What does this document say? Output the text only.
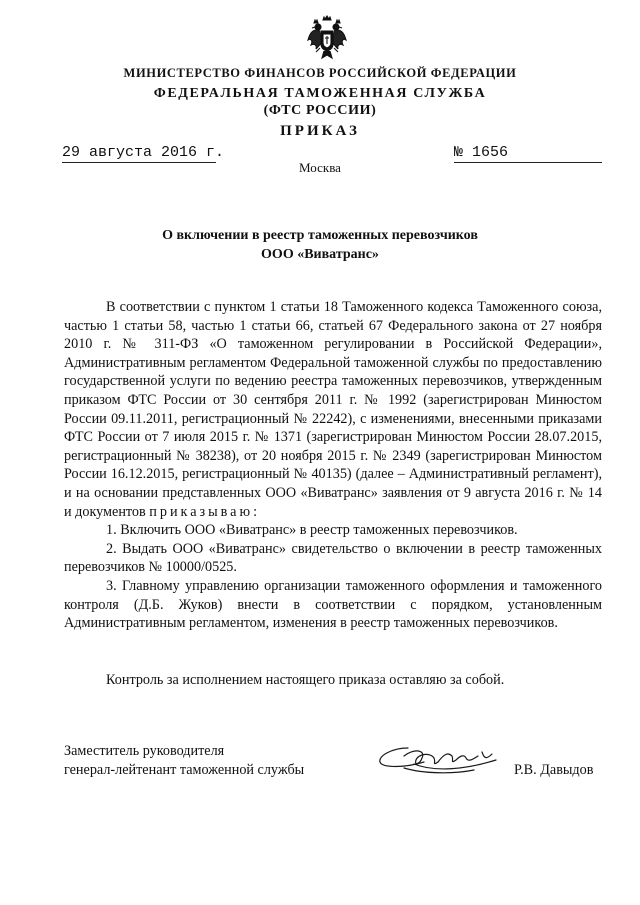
МИНИСТЕРСТВО ФИНАНСОВ РОССИЙСКОЙ ФЕДЕРАЦИИ
ФЕДЕРАЛЬНАЯ ТАМОЖЕННАЯ СЛУЖБА
(ФТС РОССИИ)
ПРИКАЗ
29 августа 2016 г.	№ 1656
Москва
О включении в реестр таможенных перевозчиков
ООО «Виватранс»

В соответствии с пунктом 1 статьи 18 Таможенного кодекса Таможенного союза, частью 1 статьи 58, частью 1 статьи 66, статьей 67 Федерального закона от 27 ноября 2010 г. № 311-ФЗ «О таможенном регулировании в Российской Федерации», Административным регламентом Федеральной таможенной службы по предоставлению государственной услуги по ведению реестра таможенных перевозчиков, утвержденным приказом ФТС России от 30 сентября 2011 г. № 1992 (зарегистрирован Минюстом России 09.11.2011, регистрационный № 22242), с изменениями, внесенными приказами ФТС России от 7 июля 2015 г. № 1371 (зарегистрирован Минюстом России 28.07.2015, регистрационный № 38238), от 20 ноября 2015 г. № 2349 (зарегистрирован Минюстом России 16.12.2015, регистрационный № 40135) (далее – Административный регламент), и на основании представленных ООО «Виватранс» заявления от 9 августа 2016 г. № 14 и документов приказываю:

1. Включить ООО «Виватранс» в реестр таможенных перевозчиков.

2. Выдать ООО «Виватранс» свидетельство о включении в реестр таможенных перевозчиков № 10000/0525.

3. Главному управлению организации таможенного оформления и таможенного контроля (Д.Б. Жуков) внести в соответствии с порядком, установленным Административным регламентом, изменения в реестр таможенных перевозчиков.

Контроль за исполнением настоящего приказа оставляю за собой.
Заместитель руководителя
генерал-лейтенант таможенной службы	Р.В. Давыдов
